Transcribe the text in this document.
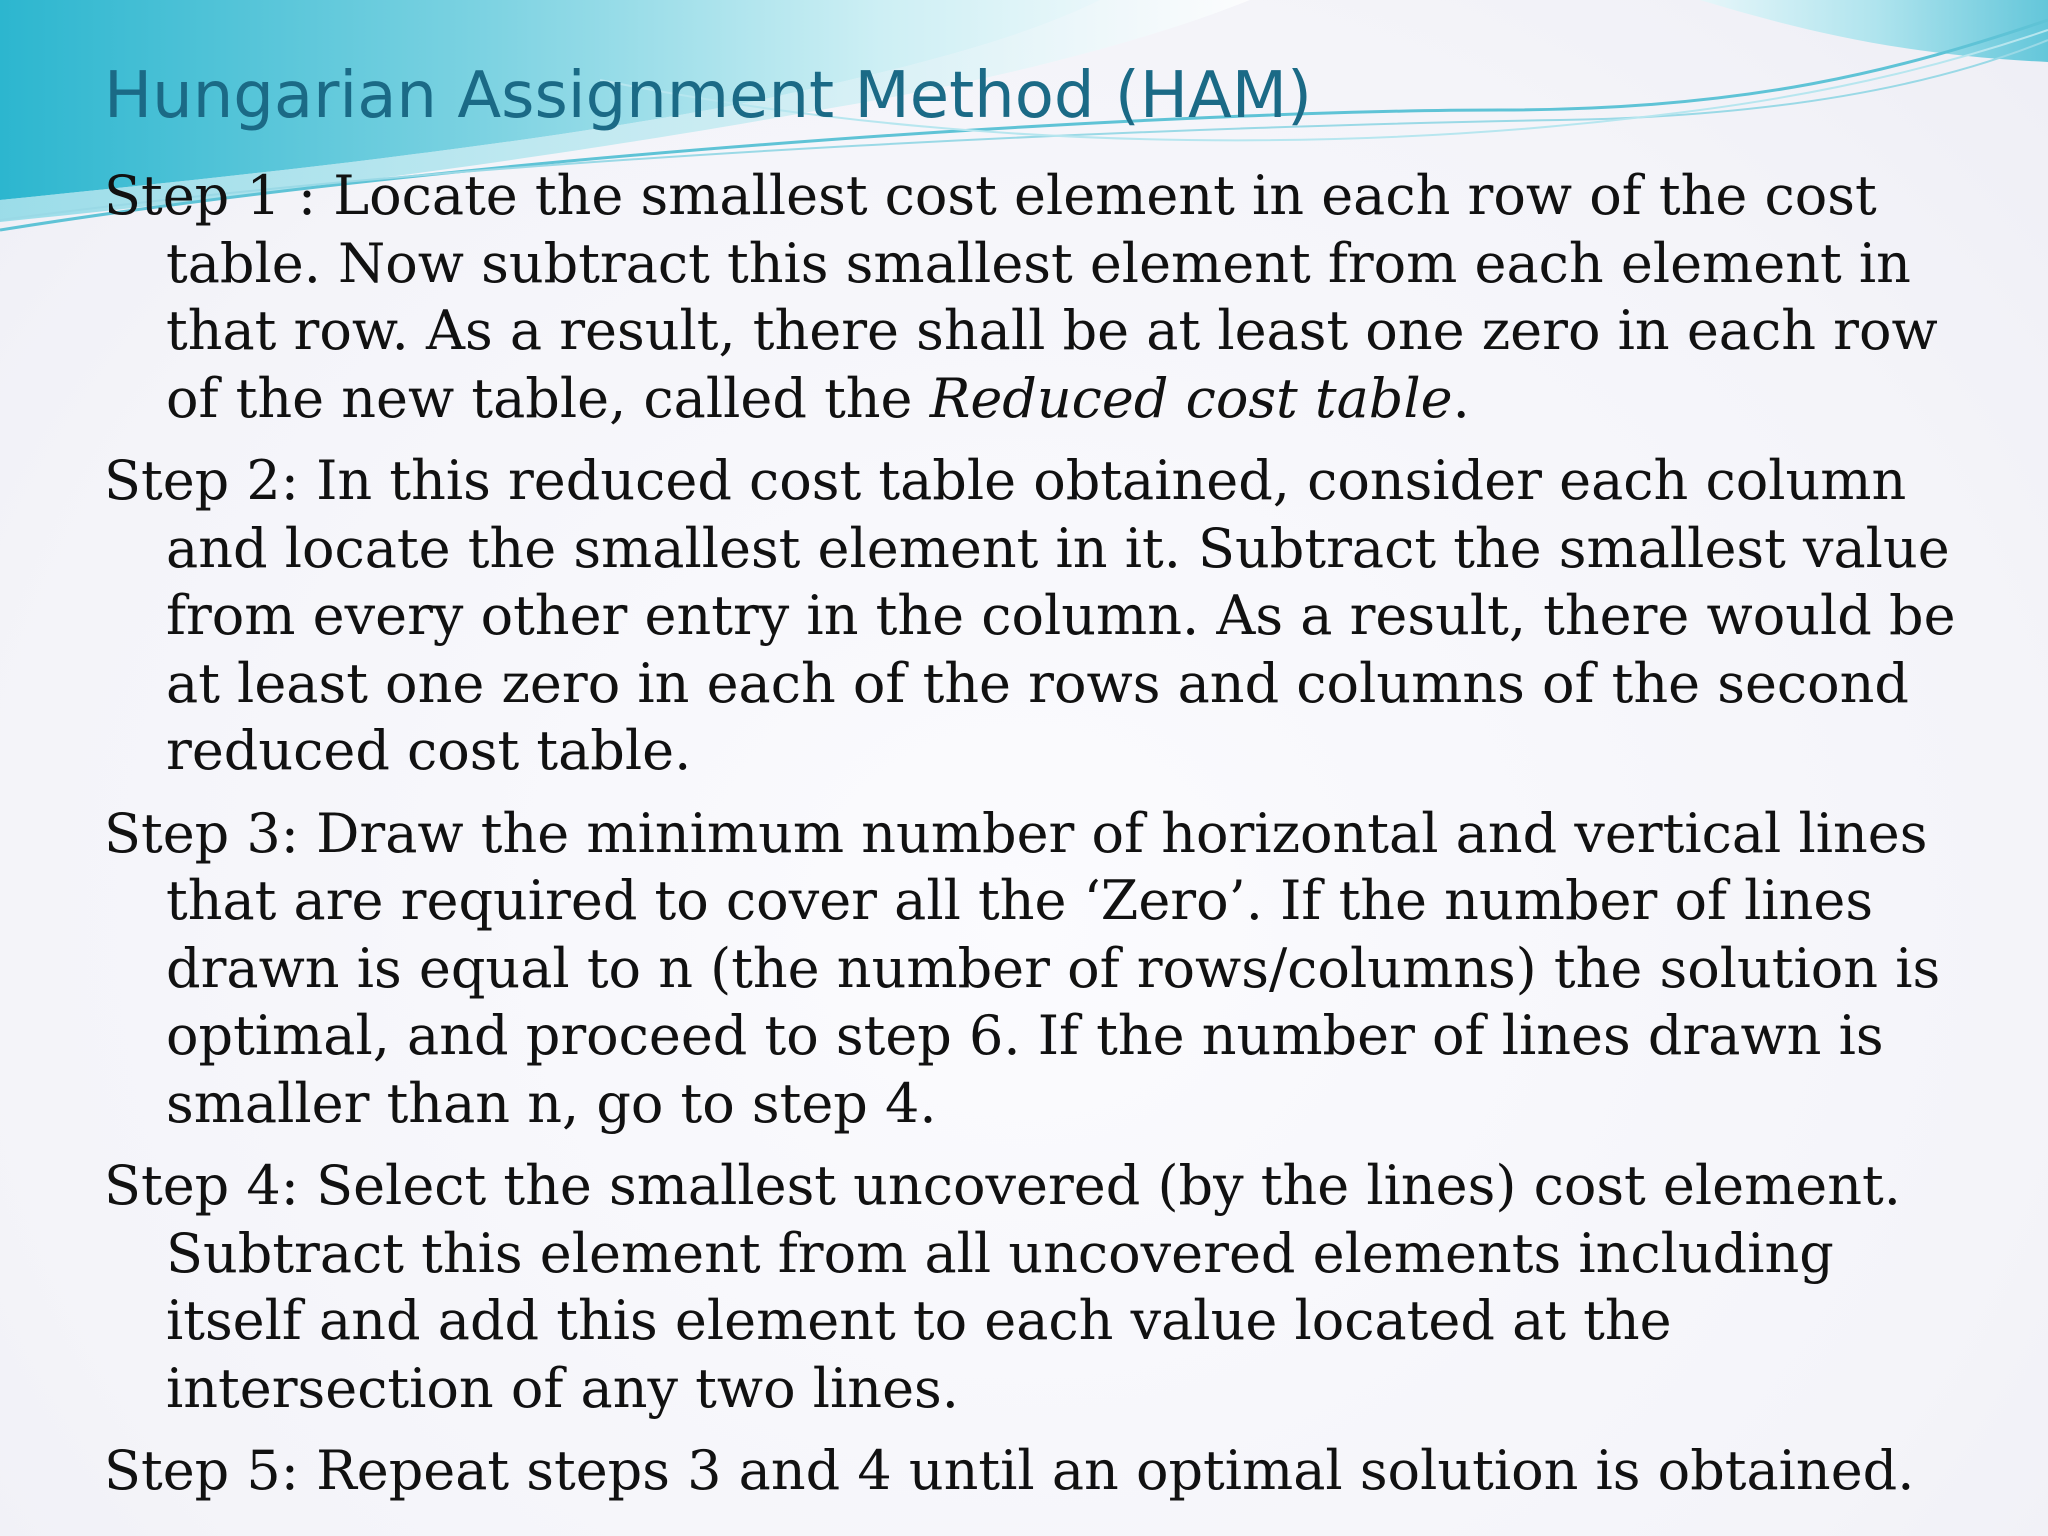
Hungarian Assignment Method (HAM)
Step 1 : Locate the smallest cost element in each row of the cost table. Now subtract this smallest element from each element in that row. As a result, there shall be at least one zero in each row of the new table, called the Reduced cost table.
Step 2: In this reduced cost table obtained, consider each column and locate the smallest element in it. Subtract the smallest value from every other entry in the column. As a result, there would be at least one zero in each of the rows and columns of the second reduced cost table.
Step 3: Draw the minimum number of horizontal and vertical lines that are required to cover all the ‘Zero’. If the number of lines drawn is equal to n (the number of rows/columns) the solution is optimal, and proceed to step 6. If the number of lines drawn is smaller than n, go to step 4.
Step 4: Select the smallest uncovered (by the lines) cost element. Subtract this element from all uncovered elements including itself and add this element to each value located at the intersection of any two lines.
Step 5: Repeat steps 3 and 4 until an optimal solution is obtained.
